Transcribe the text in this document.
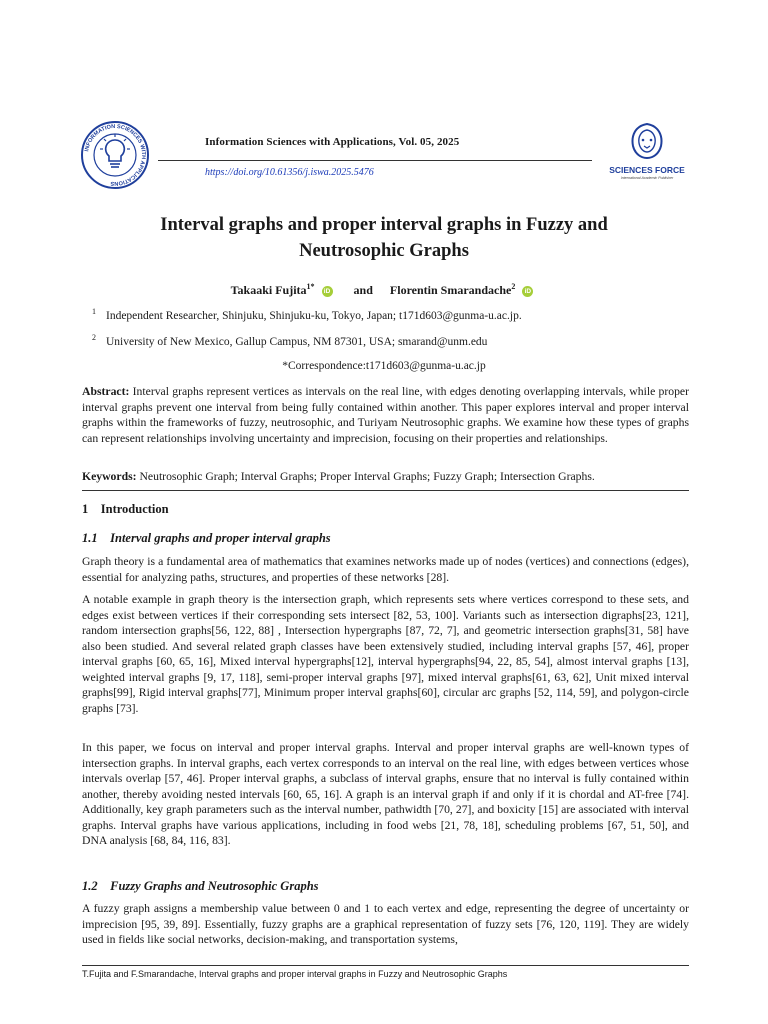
INFORMATION SCIENCES WITH APPLICATIONS
Information Sciences with Applications, Vol. 05, 2025
https://doi.org/10.61356/j.iswa.2025.5476	SCIENCES FORCE
International Academic Publisher
Interval graphs and proper interval graphs in Fuzzy and
Neutrosophic Graphs
Takaaki Fujita$^{1*}$ iD and Florentin Smarandache$^2$ iD
$^1$ Independent Researcher, Shinjuku, Shinjuku-ku, Tokyo, Japan; t171d603@gunma-u.ac.jp.
$^2$ University of New Mexico, Gallup Campus, NM 87301, USA; smarand@unm.edu
*Correspondence:t171d603@gunma-u.ac.jp
Abstract: Interval graphs represent vertices as intervals on the real line, with edges denoting overlapping intervals, while proper interval graphs prevent one interval from being fully contained within another. This paper explores interval and proper interval graphs within the frameworks of fuzzy, neutrosophic, and Turiyam Neutrosophic graphs. We examine how these types of graphs can represent relationships involving uncertainty and imprecision, focusing on their properties and relationships.
Keywords: Neutrosophic Graph; Interval Graphs; Proper Interval Graphs; Fuzzy Graph; Intersection Graphs.
1    Introduction
1.1    Interval graphs and proper interval graphs
Graph theory is a fundamental area of mathematics that examines networks made up of nodes (vertices) and connections (edges), essential for analyzing paths, structures, and properties of these networks [28].
A notable example in graph theory is the intersection graph, which represents sets where vertices correspond to these sets, and edges exist between vertices if their corresponding sets intersect [82, 53, 100]. Variants such as intersection digraphs[23, 121], random intersection graphs[56, 122, 88] , Intersection hypergraphs [87, 72, 7], and geometric intersection graphs[31, 58] have also been studied. And several related graph classes have been extensively studied, including interval graphs [57, 46], proper interval graphs [60, 65, 16], Mixed interval hypergraphs[12], interval hypergraphs[94, 22, 85, 54], almost interval graphs [13], weighted interval graphs [9, 17, 118], semi-proper interval graphs [97], mixed interval graphs[61, 63, 62], Unit mixed interval graphs[99], Rigid interval graphs[77], Minimum proper interval graphs[60], circular arc graphs [52, 114, 59], and polygon-circle graphs [73].
In this paper, we focus on interval and proper interval graphs. Interval and proper interval graphs are well-known types of intersection graphs. In interval graphs, each vertex corresponds to an interval on the real line, with edges between vertices whose intervals overlap [57, 46]. Proper interval graphs, a subclass of interval graphs, ensure that no interval is fully contained within another, thereby avoiding nested intervals [60, 65, 16]. A graph is an interval graph if and only if it is chordal and AT-free [74]. Additionally, key graph parameters such as the interval number, pathwidth [70, 27], and boxicity [15] are associated with interval graphs. Interval graphs have various applications, including in food webs [21, 78, 18], scheduling problems [67, 51, 50], and DNA analysis [68, 84, 116, 83].
1.2    Fuzzy Graphs and Neutrosophic Graphs
A fuzzy graph assigns a membership value between 0 and 1 to each vertex and edge, representing the degree of uncertainty or imprecision [95, 39, 89]. Essentially, fuzzy graphs are a graphical representation of fuzzy sets [76, 120, 119]. They are widely used in fields like social networks, decision-making, and transportation systems,
T.Fujita and F.Smarandache, Interval graphs and proper interval graphs in Fuzzy and Neutrosophic Graphs
